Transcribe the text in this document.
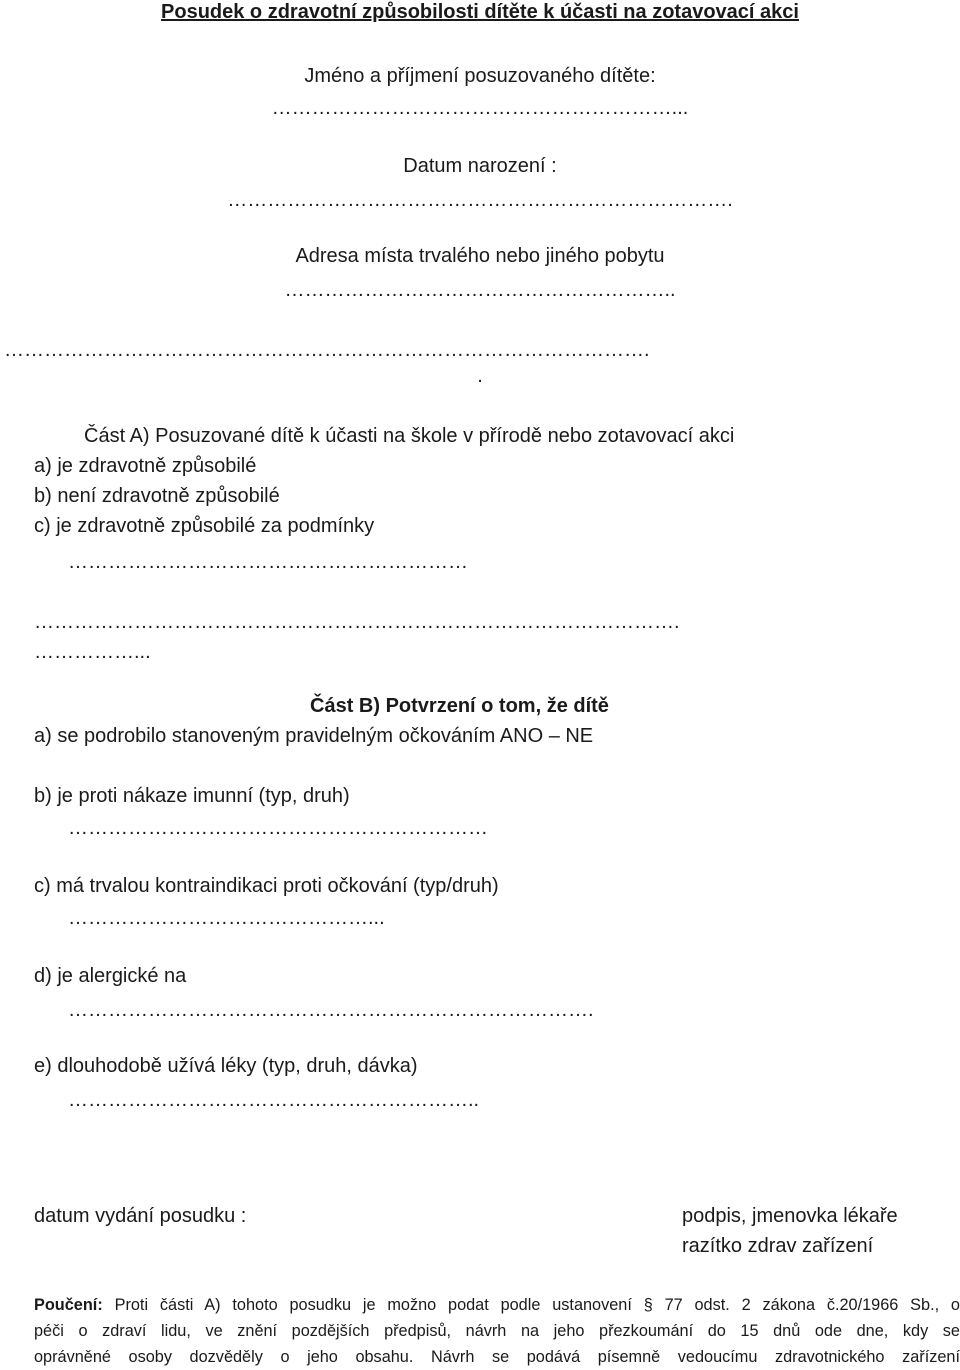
Posudek o zdravotní způsobilosti dítěte k účasti na zotavovací akci
Jméno a příjmení posuzovaného dítěte:
……………………………………………………...
Datum narození :
………………………………………………………………….
Adresa místa trvalého nebo jiného pobytu
…………………………………………………..
…………………………………………………………………………………….
.
Část A) Posuzované dítě k účasti na škole v přírodě nebo zotavovací akci
a) je zdravotně způsobilé
b) není zdravotně způsobilé
c) je zdravotně způsobilé za podmínky
……………………………………………………
…………………………………………………………………………………….
……………...
Část B) Potvrzení o tom, že dítě
a) se podrobilo stanoveným pravidelným očkováním ANO – NE
b) je proti nákaze imunní (typ, druh)
………………………………………………………
c) má trvalou kontraindikaci proti očkování (typ/druh)
………………………………………...
d) je alergické na
…………………………………………………………………….
e) dlouhodobě užívá léky (typ, druh, dávka)
……………………………………………………..
datum vydání posudku :	podpis, jmenovka lékaře
razítko zdrav zařízení

Poučení: Proti části A) tohoto posudku je možno podat podle ustanovení § 77 odst. 2 zákona č.20/1966 Sb., o

péči o zdraví lidu, ve znění pozdějších předpisů, návrh na jeho přezkoumání do 15 dnů ode dne, kdy se

oprávněné osoby dozvěděly o jeho obsahu. Návrh se podává písemně vedoucímu zdravotnického zařízení
